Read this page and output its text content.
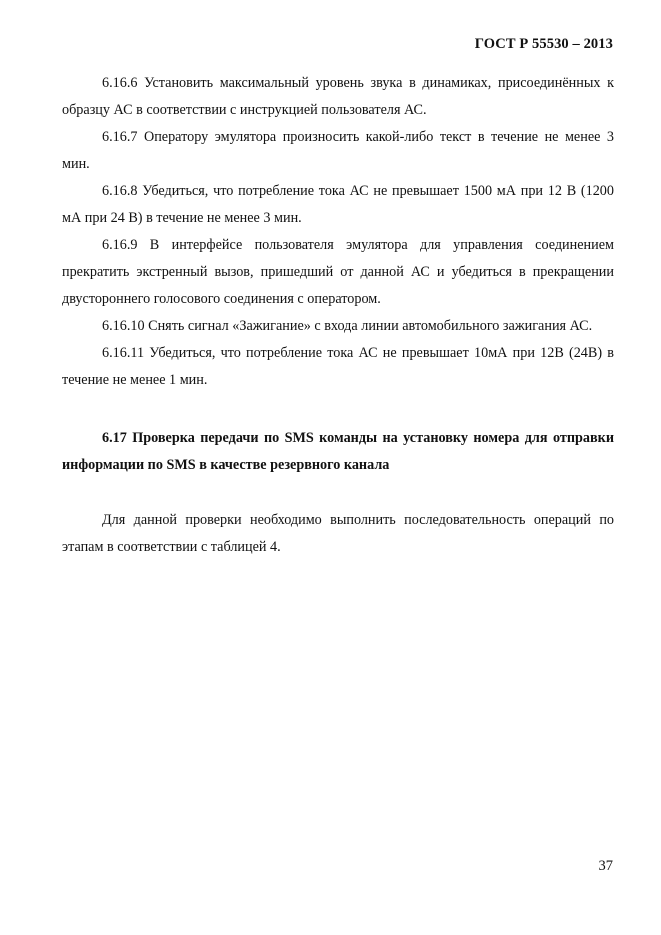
ГОСТ Р 55530 – 2013

6.16.6 Установить максимальный уровень звука в динамиках, присоединённых к образцу АС в соответствии с инструкцией пользователя АС.

6.16.7 Оператору эмулятора произносить какой-либо текст в течение не менее 3 мин.

6.16.8 Убедиться, что потребление тока АС не превышает 1500 мА при 12 В (1200 мА при 24 В) в течение не менее 3 мин.

6.16.9 В интерфейсе пользователя эмулятора для управления соединением прекратить экстренный вызов, пришедший от данной АС и убедиться в прекращении двустороннего голосового соединения с оператором.

6.16.10 Снять сигнал «Зажигание» с входа линии автомобильного зажигания АС.

6.16.11 Убедиться, что потребление тока АС не превышает 10мА при 12В (24В) в течение не менее 1 мин.

6.17 Проверка передачи по SMS команды на установку номера для отправки информации по SMS в качестве резервного канала

Для данной проверки необходимо выполнить последовательность операций по этапам в соответствии с таблицей 4.

37
